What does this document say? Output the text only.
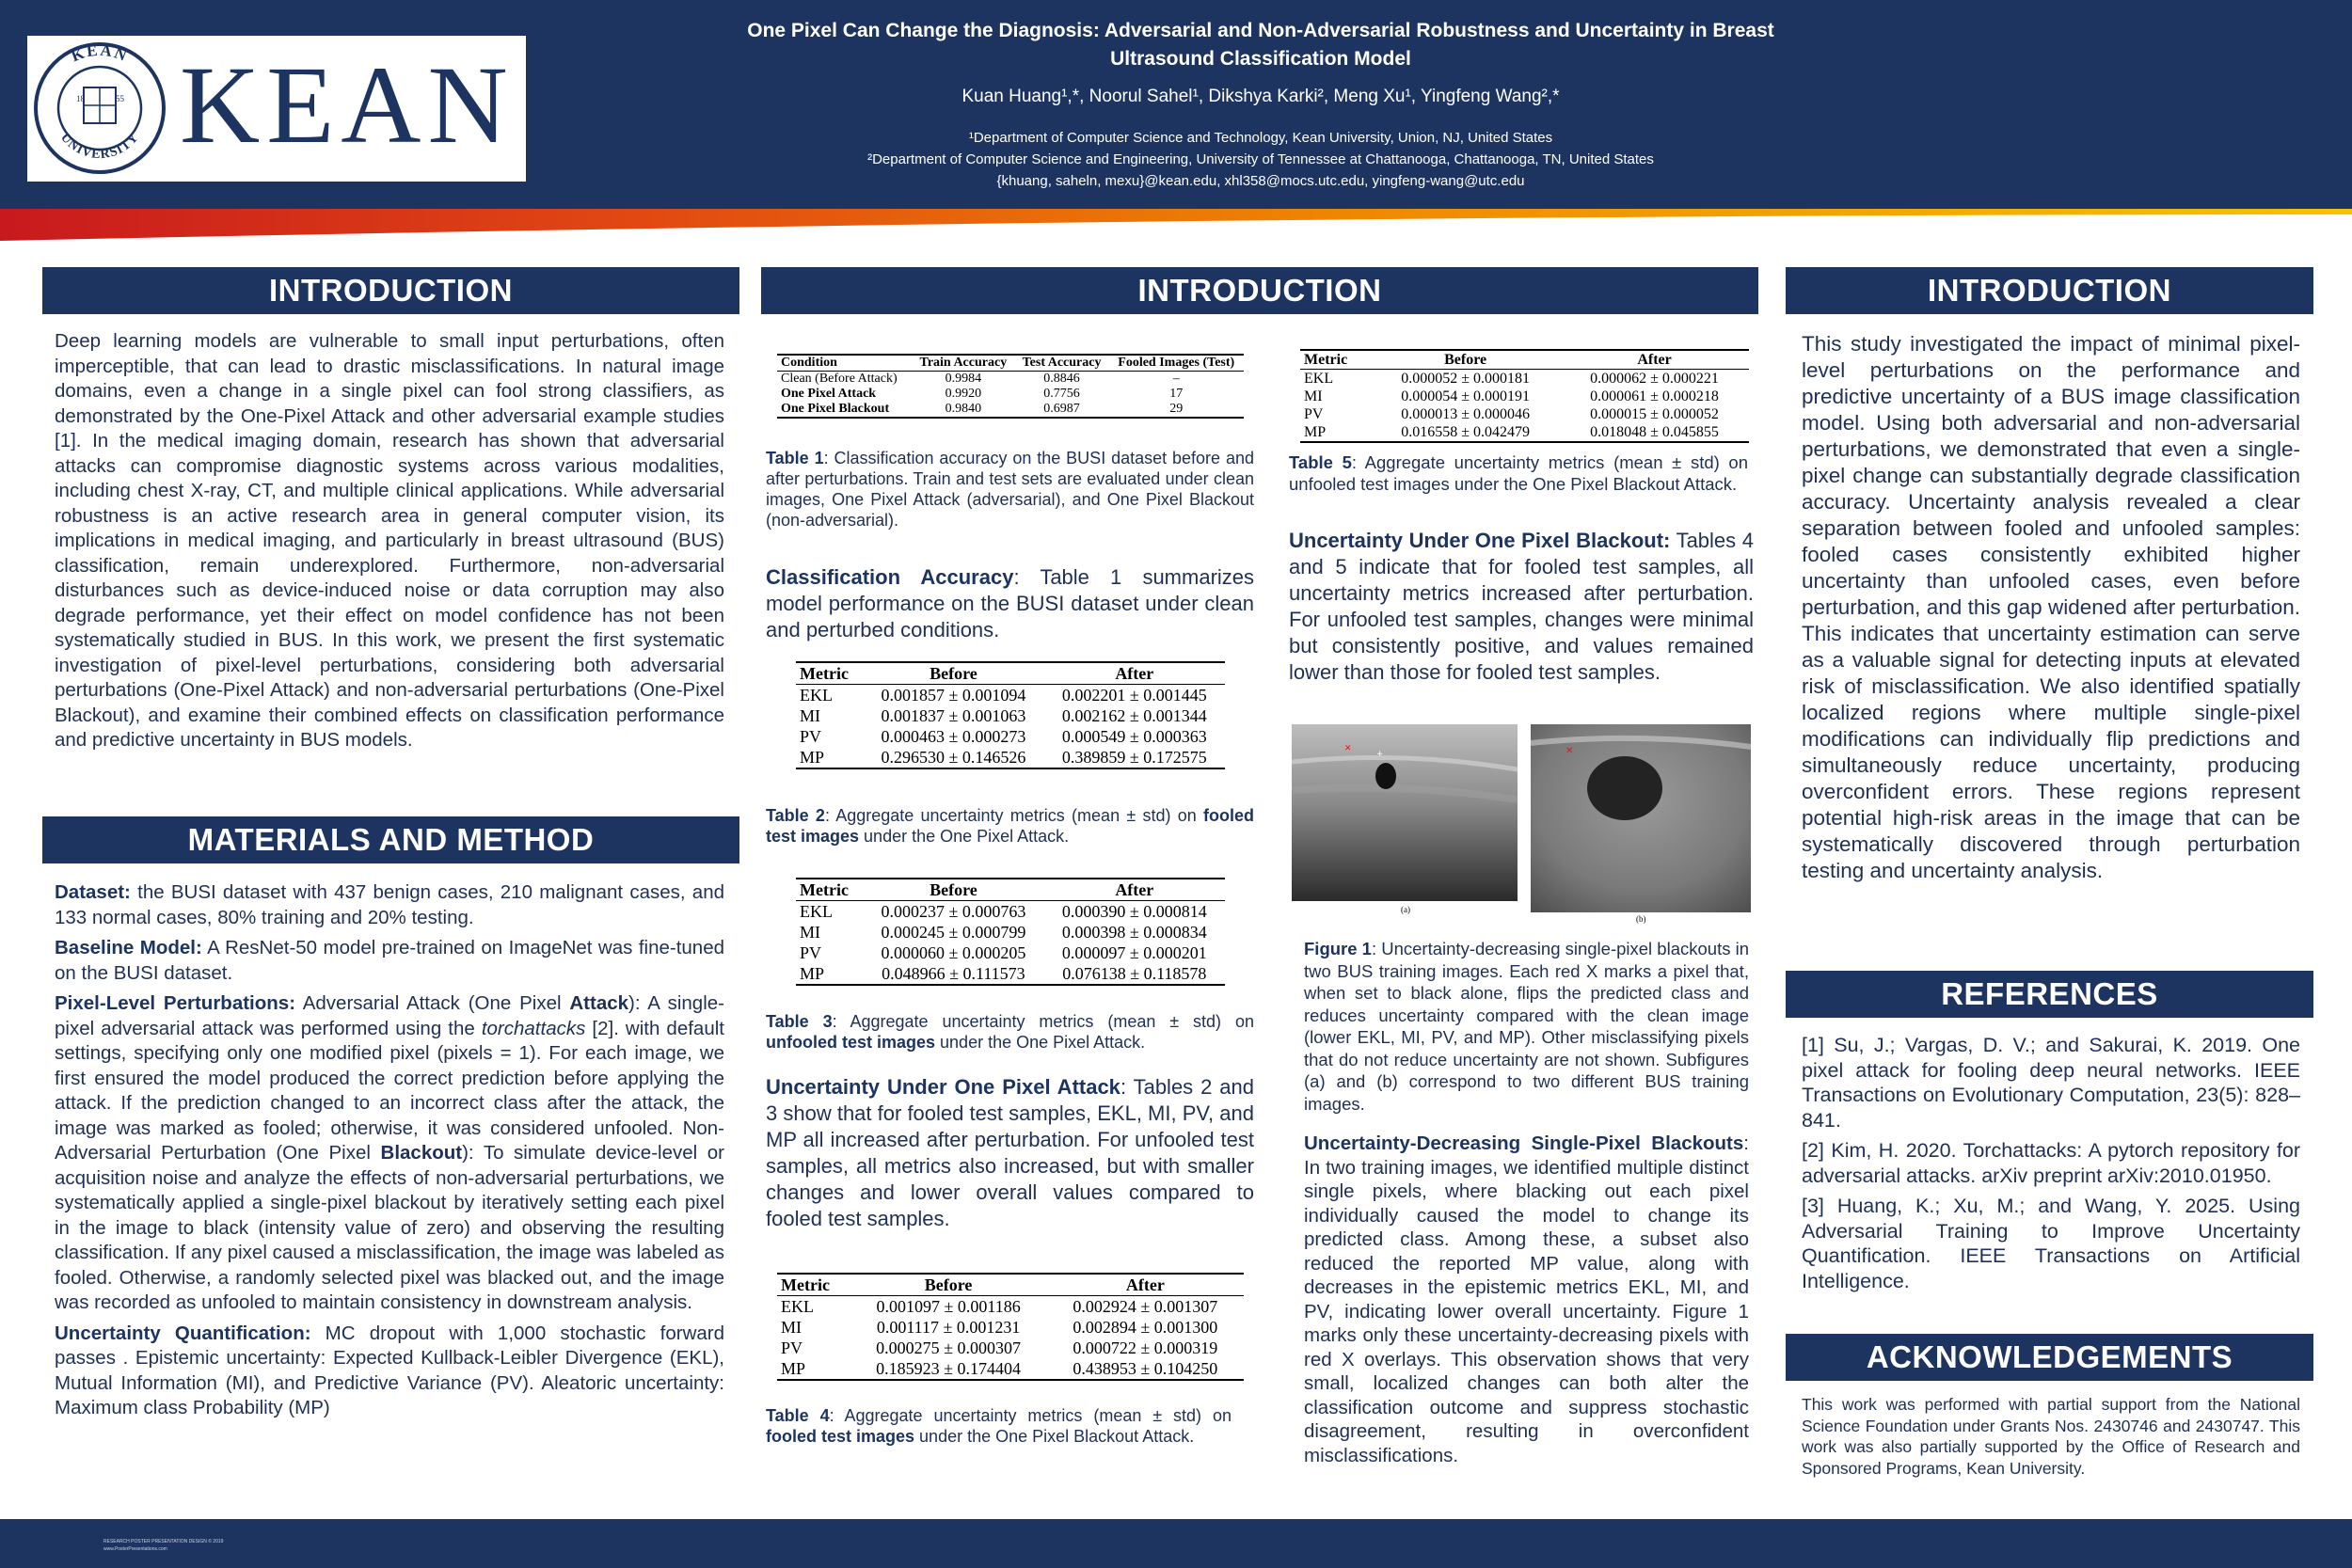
KEAN
UNIVERSITY
18	55 KEAN
One Pixel Can Change the Diagnosis: Adversarial and Non-Adversarial Robustness and Uncertainty in Breast
Ultrasound Classification Model
Kuan Huang¹,*, Noorul Sahel¹, Dikshya Karki², Meng Xu¹, Yingfeng Wang²,*
¹Department of Computer Science and Technology, Kean University, Union, NJ, United States
²Department of Computer Science and Engineering, University of Tennessee at Chattanooga, Chattanooga, TN, United States
{khuang, saheln, mexu}@kean.edu, xhl358@mocs.utc.edu, yingfeng-wang@utc.edu
INTRODUCTION

Deep learning models are vulnerable to small input perturbations, often imperceptible, that can lead to drastic misclassifications. In natural image domains, even a change in a single pixel can fool strong classifiers, as demonstrated by the One-Pixel Attack and other adversarial example studies [1]. In the medical imaging domain, research has shown that adversarial attacks can compromise diagnostic systems across various modalities, including chest X-ray, CT, and multiple clinical applications. While adversarial robustness is an active research area in general computer vision, its implications in medical imaging, and particularly in breast ultrasound (BUS) classification, remain underexplored. Furthermore, non-adversarial disturbances such as device-induced noise or data corruption may also degrade performance, yet their effect on model confidence has not been systematically studied in BUS. In this work, we present the first systematic investigation of pixel-level perturbations, considering both adversarial perturbations (One-Pixel Attack) and non-adversarial perturbations (One-Pixel Blackout), and examine their combined effects on classification performance and predictive uncertainty in BUS models.

MATERIALS AND METHOD

Dataset: the BUSI dataset with 437 benign cases, 210 malignant cases, and 133 normal cases, 80% training and 20% testing.

Baseline Model: A ResNet-50 model pre-trained on ImageNet was fine-tuned on the BUSI dataset.

Pixel-Level Perturbations: Adversarial Attack (One Pixel Attack): A single-pixel adversarial attack was performed using the torchattacks [2]. with default settings, specifying only one modified pixel (pixels = 1). For each image, we first ensured the model produced the correct prediction before applying the attack. If the prediction changed to an incorrect class after the attack, the image was marked as fooled; otherwise, it was considered unfooled. Non-Adversarial Perturbation (One Pixel Blackout): To simulate device-level or acquisition noise and analyze the effects of non-adversarial perturbations, we systematically applied a single-pixel blackout by iteratively setting each pixel in the image to black (intensity value of zero) and observing the resulting classification. If any pixel caused a misclassification, the image was labeled as fooled. Otherwise, a randomly selected pixel was blacked out, and the image was recorded as unfooled to maintain consistency in downstream analysis.

Uncertainty Quantification: MC dropout with 1,000 stochastic forward passes . Epistemic uncertainty: Expected Kullback-Leibler Divergence (EKL), Mutual Information (MI), and Predictive Variance (PV). Aleatoric uncertainty: Maximum class Probability (MP)

INTRODUCTION
Condition	Train Accuracy	Test Accuracy	Fooled Images (Test)
Clean (Before Attack)	0.9984	0.8846	–
One Pixel Attack	0.9920	0.7756	17
One Pixel Blackout	0.9840	0.6987	29

Table 1: Classification accuracy on the BUSI dataset before and after perturbations. Train and test sets are evaluated under clean images, One Pixel Attack (adversarial), and One Pixel Blackout (non-adversarial).

Classification Accuracy: Table 1 summarizes model performance on the BUSI dataset under clean and perturbed conditions.

Metric	Before	After
EKL	0.001857 ± 0.001094	0.002201 ± 0.001445
MI	0.001837 ± 0.001063	0.002162 ± 0.001344
PV	0.000463 ± 0.000273	0.000549 ± 0.000363
MP	0.296530 ± 0.146526	0.389859 ± 0.172575

Table 2: Aggregate uncertainty metrics (mean ± std) on fooled test images under the One Pixel Attack.

Metric	Before	After
EKL	0.000237 ± 0.000763	0.000390 ± 0.000814
MI	0.000245 ± 0.000799	0.000398 ± 0.000834
PV	0.000060 ± 0.000205	0.000097 ± 0.000201
MP	0.048966 ± 0.111573	0.076138 ± 0.118578

Table 3: Aggregate uncertainty metrics (mean ± std) on unfooled test images under the One Pixel Attack.

Uncertainty Under One Pixel Attack: Tables 2 and 3 show that for fooled test samples, EKL, MI, PV, and MP all increased after perturbation. For unfooled test samples, all metrics also increased, but with smaller changes and lower overall values compared to fooled test samples.

Metric	Before	After
EKL	0.001097 ± 0.001186	0.002924 ± 0.001307
MI	0.001117 ± 0.001231	0.002894 ± 0.001300
PV	0.000275 ± 0.000307	0.000722 ± 0.000319
MP	0.185923 ± 0.174404	0.438953 ± 0.104250

Table 4: Aggregate uncertainty metrics (mean ± std) on fooled test images under the One Pixel Blackout Attack.

Metric	Before	After
EKL	0.000052 ± 0.000181	0.000062 ± 0.000221
MI	0.000054 ± 0.000191	0.000061 ± 0.000218
PV	0.000013 ± 0.000046	0.000015 ± 0.000052
MP	0.016558 ± 0.042479	0.018048 ± 0.045855

Table 5: Aggregate uncertainty metrics (mean ± std) on unfooled test images under the One Pixel Blackout Attack.

Uncertainty Under One Pixel Blackout: Tables 4 and 5 indicate that for fooled test samples, all uncertainty metrics increased after perturbation. For unfooled test samples, changes were minimal but consistently positive, and values remained lower than those for fooled test samples.

✕
+
(a)
✕
(b)

Figure 1: Uncertainty-decreasing single-pixel blackouts in two BUS training images. Each red X marks a pixel that, when set to black alone, flips the predicted class and reduces uncertainty compared with the clean image (lower EKL, MI, PV, and MP). Other misclassifying pixels that do not reduce uncertainty are not shown. Subfigures (a) and (b) correspond to two different BUS training images.

Uncertainty-Decreasing Single-Pixel Blackouts: In two training images, we identified multiple distinct single pixels, where blacking out each pixel individually caused the model to change its predicted class. Among these, a subset also reduced the reported MP value, along with decreases in the epistemic metrics EKL, MI, and PV, indicating lower overall uncertainty. Figure 1 marks only these uncertainty-decreasing pixels with red X overlays. This observation shows that very small, localized changes can both alter the classification outcome and suppress stochastic disagreement, resulting in overconfident misclassifications.

INTRODUCTION

This study investigated the impact of minimal pixel-level perturbations on the performance and predictive uncertainty of a BUS image classification model. Using both adversarial and non-adversarial perturbations, we demonstrated that even a single-pixel change can substantially degrade classification accuracy. Uncertainty analysis revealed a clear separation between fooled and unfooled samples: fooled cases consistently exhibited higher uncertainty than unfooled cases, even before perturbation, and this gap widened after perturbation. This indicates that uncertainty estimation can serve as a valuable signal for detecting inputs at elevated risk of misclassification. We also identified spatially localized regions where multiple single-pixel modifications can individually flip predictions and simultaneously reduce uncertainty, producing overconfident errors. These regions represent potential high-risk areas in the image that can be systematically discovered through perturbation testing and uncertainty analysis.

REFERENCES

[1] Su, J.; Vargas, D. V.; and Sakurai, K. 2019. One pixel attack for fooling deep neural networks. IEEE Transactions on Evolutionary Computation, 23(5): 828–841.

[2] Kim, H. 2020. Torchattacks: A pytorch repository for adversarial attacks. arXiv preprint arXiv:2010.01950.

[3] Huang, K.; Xu, M.; and Wang, Y. 2025. Using Adversarial Training to Improve Uncertainty Quantification. IEEE Transactions on Artificial Intelligence.

ACKNOWLEDGEMENTS

This work was performed with partial support from the National Science Foundation under Grants Nos. 2430746 and 2430747. This work was also partially supported by the Office of Research and Sponsored Programs, Kean University.

RESEARCH POSTER PRESENTATION DESIGN © 2019
www.PosterPresentations.com
